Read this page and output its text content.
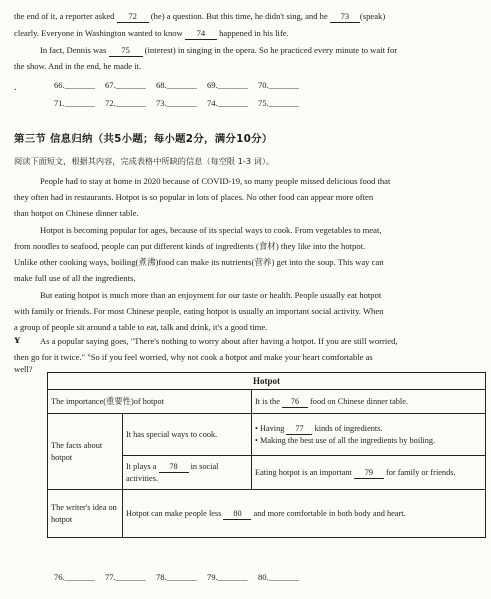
the end of it, a reporter asked 72 (he) a question. But this time, he didn't sing, and he 73 (speak)
clearly. Everyone in Washington wanted to know 74 happened in his life.
In fact, Dennis was 75 (interest) in singing in the opera. So he practiced every minute to wait for
the show. And in the end, he made it.
.	66._______ 67._______ 68._______ 69._______ 70._______
71._______ 72._______ 73._______ 74._______ 75._______
第三节 信息归纳（共5小题；每小题2分，满分10分）
阅读下面短文，根据其内容，完成表格中所缺的信息（每空限 1-3 词）。
People had to stay at home in 2020 because of COVID-19, so many people missed delicious food that
they often had in restaurants. Hotpot is so popular in lots of places. No other food can appear more often
than hotpot on Chinese dinner table.
Hotpot is becoming popular for ages, because of its special ways to cook. From vegetables to meat,
from noodles to seafood, people can put different kinds of ingredients (食材) they like into the hotpot.
Unlike other cooking ways, boiling(煮沸)food can make its nutrients(营养) get into the soup. This way can
make full use of all the ingredients.
But eating hotpot is much more than an enjoyment for our taste or health. People usually eat hotpot
with family or friends. For most Chinese people, eating hotpot is usually an important social activity. When
a group of people sit around a table to eat, talk and drink, it's a good time.
ʏ As a popular saying goes, "There's nothing to worry about after having a hotpot. If you are still worried,
then go for it twice." "So if you feel worried, why not cook a hotpot and make your heart comfortable as
well?
Hotpot		
The importance(重要性)of hotpot		It is the 76 food on Chinese dinner table.
The facts about hotpot	It has special ways to cook.	• Having 77 kinds of ingredients.
• Making the best use of all the ingredients by boiling.

	It plays a 78 in social activities.	Eating hotpot is an important 79 for family or friends.
The writer's idea on hotpot	Hotpot can make people less 80 and more comfortable in both body and heart.	
76._______ 77._______ 78._______ 79._______ 80._______
